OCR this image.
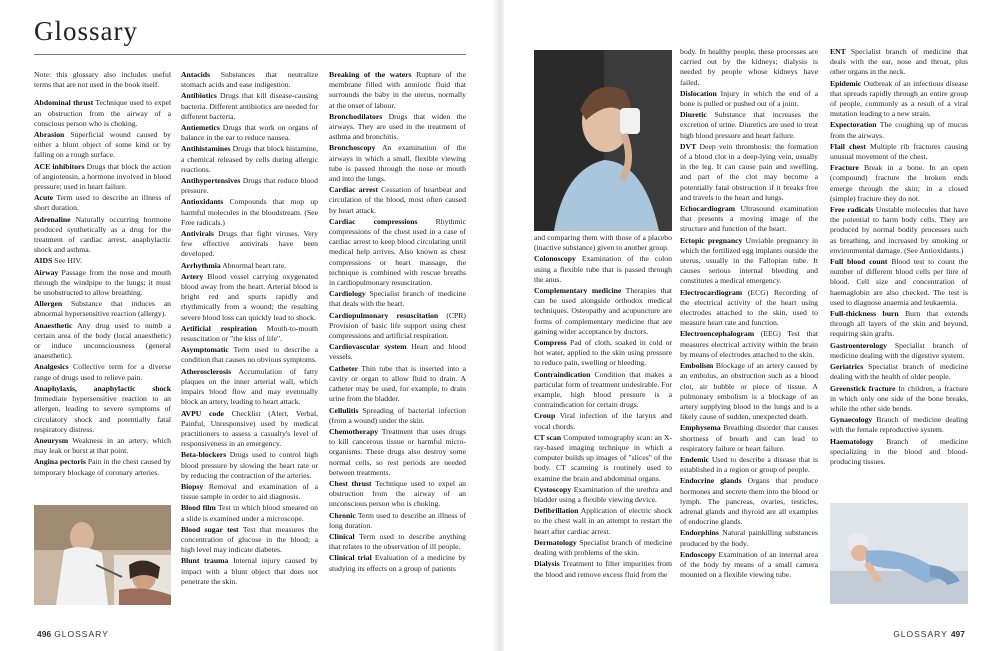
Glossary

Note: this glossary also includes useful terms that are not used in the book itself.

Abdominal thrust Technique used to expel an obstruction from the airway of a conscious person who is choking.

Abrasion Superficial wound caused by either a blunt object of some kind or by falling on a rough surface.

ACE inhibitors Drugs that block the action of angiotensin, a hormone involved in blood pressure; used in heart failure.

Acute Term used to describe an illness of short duration.

Adrenaline Naturally occurring hormone produced synthetically as a drug for the treatment of cardiac arrest, anaphylactic shock and asthma.

AIDS See HIV.

Airway Passage from the nose and mouth through the windpipe to the lungs; it must be unobstructed to allow breathing.

Allergen Substance that induces an abnormal hypersensitive reaction (allergy).

Anaesthetic Any drug used to numb a certain area of the body (local anaesthetic) or induce unconsciousness (general anaesthetic).

Analgesics Collective term for a diverse range of drugs used to relieve pain.

Anaphylaxis, anaphylactic shock Immediate hypersensitive reaction to an allergen, leading to severe symptoms of circulatory shock and potentially fatal respiratory distress.

Aneurysm Weakness in an artery, which may leak or burst at that point.

Angina pectoris Pain in the chest caused by temporary blockage of coronary arteries.

Antacids Substances that neutralize stomach acids and ease indigestion.

Antibiotics Drugs that kill disease-causing bacteria. Different antibiotics are needed for different bacteria.

Antiemetics Drugs that work on organs of balance in the ear to reduce nausea.

Antihistamines Drugs that block histamine, a chemical released by cells during allergic reactions.

Antihypertensives Drugs that reduce blood pressure.

Antioxidants Compounds that mop up harmful molecules in the bloodstream. (See Free radicals.)

Antivirals Drugs that fight viruses. Very few effective antivirals have been developed.

Arrhythmia Abnormal heart rate.

Artery Blood vessel carrying oxygenated blood away from the heart. Arterial blood is bright red and spurts rapidly and rhythmically from a wound; the resulting severe blood loss can quickly lead to shock.

Artificial respiration Mouth-to-mouth resuscitation or "the kiss of life".

Asymptomatic Term used to describe a condition that causes no obvious symptoms.

Atherosclerosis Accumulation of fatty plaques on the inner arterial wall, which impairs blood flow and may eventually block an artery, leading to heart attack.

AVPU code Checklist (Alert, Verbal, Painful, Unresponsive) used by medical practitioners to assess a casualty's level of responsiveness in an emergency.

Beta-blockers Drugs used to control high blood pressure by slowing the heart rate or by reducing the contraction of the arteries.

Biopsy Removal and examination of a tissue sample in order to aid diagnosis.

Blood film Test in which blood smeared on a slide is examined under a microscope.

Blood sugar test Test that measures the concentration of glucose in the blood; a high level may indicate diabetes.

Blunt trauma Internal injury caused by impact with a blunt object that does not penetrate the skin.

Breaking of the waters Rupture of the membrane filled with amniotic fluid that surrounds the baby in the uterus, normally at the onset of labour.

Bronchodilators Drugs that widen the airways. They are used in the treatment of asthma and bronchitis.

Bronchoscopy An examination of the airways in which a small, flexible viewing tube is passed through the nose or mouth and into the lungs.

Cardiac arrest Cessation of heartbeat and circulation of the blood, most often caused by heart attack.

Cardiac compressions Rhythmic compressions of the chest used in a case of cardiac arrest to keep blood circulating until medical help arrives. Also known as chest compressions or heart massage, the technique is combined with rescue breaths in cardiopulmonary resuscitation.

Cardiology Specialist branch of medicine that deals with the heart.

Cardiopulmonary resuscitation (CPR) Provision of basic life support using chest compressions and artificial respiration.

Cardiovascular system Heart and blood vessels.

Catheter Thin tube that is inserted into a cavity or organ to allow fluid to drain. A catheter may be used, for example, to drain urine from the bladder.

Cellulitis Spreading of bacterial infection (from a wound) under the skin.

Chemotherapy Treatment that uses drugs to kill cancerous tissue or harmful micro-organisms. These drugs also destroy some normal cells, so rest periods are needed between treatments.

Chest thrust Technique used to expel an obstruction from the airway of an unconscious person who is choking.

Chronic Term used to describe an illness of long duration.

Clinical Term used to describe anything that relates to the observation of ill people.

Clinical trial Evaluation of a medicine by studying its effects on a group of patients

496 GLOSSARY

and comparing them with those of a placebo (inactive substance) given to another group.

Colonoscopy Examination of the colon using a flexible tube that is passed through the anus.

Complementary medicine Therapies that can be used alongside orthodox medical techniques. Osteopathy and acupuncture are forms of complementary medicine that are gaining wider acceptance by doctors.

Compress Pad of cloth, soaked in cold or hot water, applied to the skin using pressure to reduce pain, swelling or bleeding.

Contraindication Condition that makes a particular form of treatment undesirable. For example, high blood pressure is a contraindication for certain drugs.

Croup Viral infection of the larynx and vocal chords.

CT scan Computed tomography scan: an X-ray-based imaging technique in which a computer builds up images of "slices" of the body. CT scanning is routinely used to examine the brain and abdominal organs.

Cystoscopy Examination of the urethra and bladder using a flexible viewing device.

Defibrillation Application of electric shock to the chest wall in an attempt to restart the heart after cardiac arrest.

Dermatology Specialist branch of medicine dealing with problems of the skin.

Dialysis Treatment to filter impurities from the blood and remove excess fluid from the

body. In healthy people, these processes are carried out by the kidneys; dialysis is needed by people whose kidneys have failed.

Dislocation Injury in which the end of a bone is pulled or pushed out of a joint.

Diuretic Substance that increases the excretion of urine. Diuretics are used to treat high blood pressure and heart failure.

DVT Deep vein thrombosis: the formation of a blood clot in a deep-lying vein, usually in the leg. It can cause pain and swelling, and part of the clot may become a potentially fatal obstruction if it breaks free and travels to the heart and lungs.

Echocardiogram Ultrasound examination that presents a moving image of the structure and function of the heart.

Ectopic pregnancy Unviable pregnancy in which the fertilized egg implants outside the uterus, usually in the Fallopian tube. It causes serious internal bleeding and constitutes a medical emergency.

Electrocardiogram (ECG) Recording of the electrical activity of the heart using electrodes attached to the skin, used to measure heart rate and function.

Electroencephalogram (EEG) Test that measures electrical activity within the brain by means of electrodes attached to the skin.

Embolism Blockage of an artery caused by an embolus, an obstruction such as a blood clot, air bubble or piece of tissue. A pulmonary embolism is a blockage of an artery supplying blood to the lungs and is a likely cause of sudden, unexpected death.

Emphysema Breathing disorder that causes shortness of breath and can lead to respiratory failure or heart failure.

Endemic Used to describe a disease that is established in a region or group of people.

Endocrine glands Organs that produce hormones and secrete them into the blood or lymph. The pancreas, ovaries, testicles, adrenal glands and thyroid are all examples of endocrine glands.

Endorphins Natural painkilling substances produced by the body.

Endoscopy Examination of an internal area of the body by means of a small camera mounted on a flexible viewing tube.

ENT Specialist branch of medicine that deals with the ear, nose and throat, plus other organs in the neck.

Epidemic Outbreak of an infectious disease that spreads rapidly through an entire group of people, commonly as a result of a viral mutation leading to a new strain.

Expectoration The coughing up of mucus from the airways.

Flail chest Multiple rib fractures causing unusual movement of the chest.

Fracture Break in a bone. In an open (compound) fracture the broken ends emerge through the skin; in a closed (simple) fracture they do not.

Free radicals Unstable molecules that have the potential to harm body cells. They are produced by normal bodily processes such as breathing, and increased by smoking or environmental damage. (See Antioxidants.)

Full blood count Blood test to count the number of different blood cells per litre of blood. Cell size and concentration of haemaglobin are also checked. The test is used to diagnose anaemia and leukaemia.

Full-thickness burn Burn that extends through all layers of the skin and beyond, requiring skin grafts.

Gastroenterology Specialist branch of medicine dealing with the digestive system.

Geriatrics Specialist branch of medicine dealing with the health of older people.

Greenstick fracture In children, a fracture in which only one side of the bone breaks, while the other side bends.

Gynaecology Branch of medicine dealing with the female reproductive system.

Haematology Branch of medicine specializing in the blood and blood-producing tissues.

GLOSSARY 497
